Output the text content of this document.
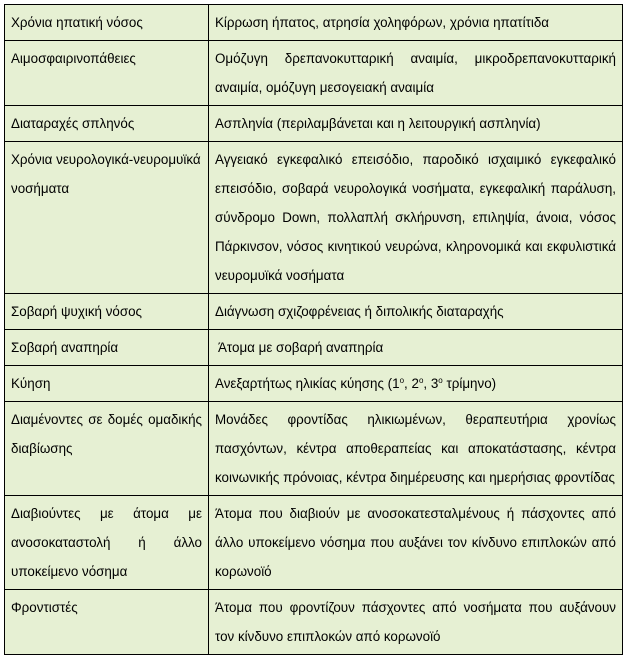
Χρόνια ηπατική νόσος	Κίρρωση ήπατος, ατρησία χοληφόρων, χρόνια ηπατίτιδα
Αιμοσφαιρινοπάθειες	Ομόζυγη δρεπανοκυτταρική αναιμία, μικροδρεπανοκυτταρική αναιμία, ομόζυγη μεσογειακή αναιμία
Διαταραχές σπληνός	Ασπληνία (περιλαμβάνεται και η λειτουργική ασπληνία)
Χρόνια νευρολογικά-νευρομυϊκά νοσήματα	Αγγειακό εγκεφαλικό επεισόδιο, παροδικό ισχαιμικό εγκεφαλικό επεισόδιο, σοβαρά νευρολογικά νοσήματα, εγκεφαλική παράλυση, σύνδρομο Down, πολλαπλή σκλήρυνση, επιληψία, άνοια, νόσος Πάρκινσον, νόσος κινητικού νευρώνα, κληρονομικά και εκφυλιστικά νευρομυϊκά νοσήματα
Σοβαρή ψυχική νόσος	Διάγνωση σχιζοφρένειας ή διπολικής διαταραχής
Σοβαρή αναπηρία	Άτομα με σοβαρή αναπηρία
Κύηση	Ανεξαρτήτως ηλικίας κύησης ($1^o$, $2^o$, $3^o$ τρίμηνο)
Διαμένοντες σε δομές ομαδικής διαβίωσης	Μονάδες φροντίδας ηλικιωμένων, θεραπευτήρια χρονίως πασχόντων, κέντρα αποθεραπείας και αποκατάστασης, κέντρα κοινωνικής πρόνοιας, κέντρα διημέρευσης και ημερήσιας φροντίδας
Διαβιούντες με άτομα με ανοσοκαταστολή ή άλλο υποκείμενο νόσημα	Άτομα που διαβιούν με ανοσοκατεσταλμένους ή πάσχοντες από άλλο υποκείμενο νόσημα που αυξάνει τον κίνδυνο επιπλοκών από κορωνοϊό
Φροντιστές	Άτομα που φροντίζουν πάσχοντες από νοσήματα που αυξάνουν τον κίνδυνο επιπλοκών από κορωνοϊό
